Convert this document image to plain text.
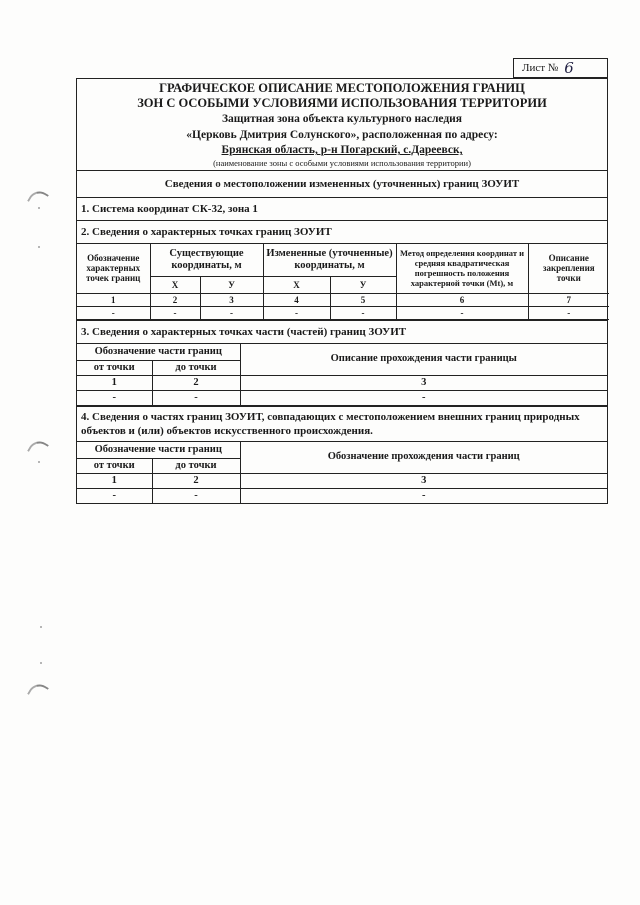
Лист № 6
ГРАФИЧЕСКОЕ ОПИСАНИЕ МЕСТОПОЛОЖЕНИЯ ГРАНИЦ
ЗОН С ОСОБЫМИ УСЛОВИЯМИ ИСПОЛЬЗОВАНИЯ ТЕРРИТОРИИ
Защитная зона объекта культурного наследия
«Церковь Дмитрия Солунского», расположенная по адресу:
Брянская область, р-н Погарский, с.Дареевск,
(наименование зоны с особыми условиями использования территории)
Сведения о местоположении измененных (уточненных) границ ЗОУИТ
1. Система координат СК-32, зона 1
2. Сведения о характерных точках границ ЗОУИТ
Обозначение характерных точек границ	Существующие координаты, м		Измененные (уточненные) координаты, м		Метод определения координат и средняя квадратическая погрешность положения характерной точки (Mt), м	Описание закрепления точки
	Х	У	Х	У		
1	2	3	4	5	6	7
-	-	-	-	-	-	-
3. Сведения о характерных точках части (частей) границ ЗОУИТ
Обозначение части границ		Описание прохождения части границы
от точки	до точки	
1	2	3
-	-	-
4. Сведения о частях границ ЗОУИТ, совпадающих с местоположением внешних границ природных объектов и (или) объектов искусственного происхождения.
Обозначение части границ		Обозначение прохождения части границ
от точки	до точки	
1	2	3
-	-	-
